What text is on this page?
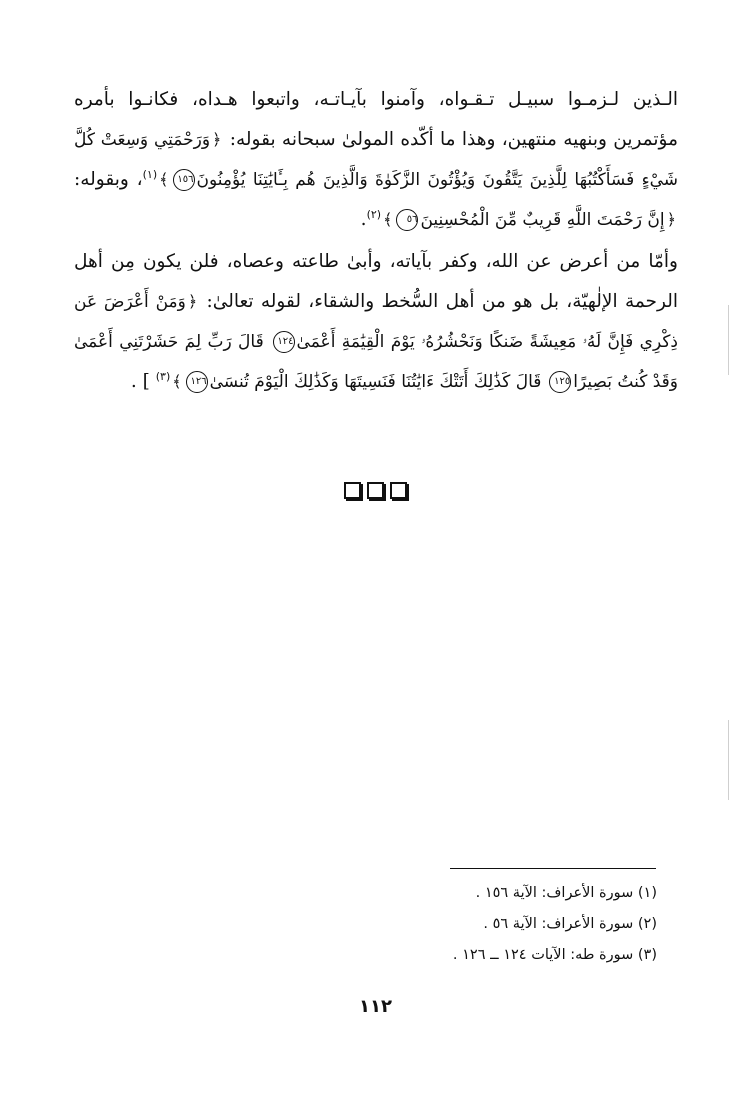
الـذين لـزمـوا سبيـل تـقـواه، وآمنوا بآيـاتـه، واتبعوا هـداه، فكانـوا بأمره مؤتمرين وبنهيه منتهين، وهذا ما أكّده المولىٰ سبحانه بقوله: ﴿وَرَحْمَتِي وَسِعَتْ كُلَّ شَيْءٍ فَسَأَكْتُبُهَا لِلَّذِينَ يَتَّقُونَ وَيُؤْتُونَ الزَّكَوٰةَ وَالَّذِينَ هُم بِـَٔايَٰتِنَا يُؤْمِنُونَ١٥٦﴾$^{(١)}$، وبقوله: ﴿إِنَّ رَحْمَتَ اللَّهِ قَرِيبٌ مِّنَ الْمُحْسِنِينَ٥٦﴾$^{(٢)}$.

وأمّا من أعرض عن الله، وكفر بآياته، وأبىٰ طاعته وعصاه، فلن يكون مِن أهل الرحمة الإلٰهيّة، بل هو من أهل السُّخط والشقاء، لقوله تعالىٰ: ﴿وَمَنْ أَعْرَضَ عَن ذِكْرِي فَإِنَّ لَهُۥ مَعِيشَةً ضَنكًا وَنَحْشُرُهُۥ يَوْمَ الْقِيَٰمَةِ أَعْمَىٰ١٢٤ قَالَ رَبِّ لِمَ حَشَرْتَنِي أَعْمَىٰ وَقَدْ كُنتُ بَصِيرًا١٢٥ قَالَ كَذَٰلِكَ أَتَتْكَ ءَايَٰتُنَا فَنَسِيتَهَا وَكَذَٰلِكَ الْيَوْمَ تُنسَىٰ١٢٦﴾$^{(٣)}$ ] .

(١) سورة الأعراف: الآية ١٥٦ .
(٢) سورة الأعراف: الآية ٥٦ .
(٣) سورة طه: الآيات ١٢٤ ــ ١٢٦ .
١١٢
